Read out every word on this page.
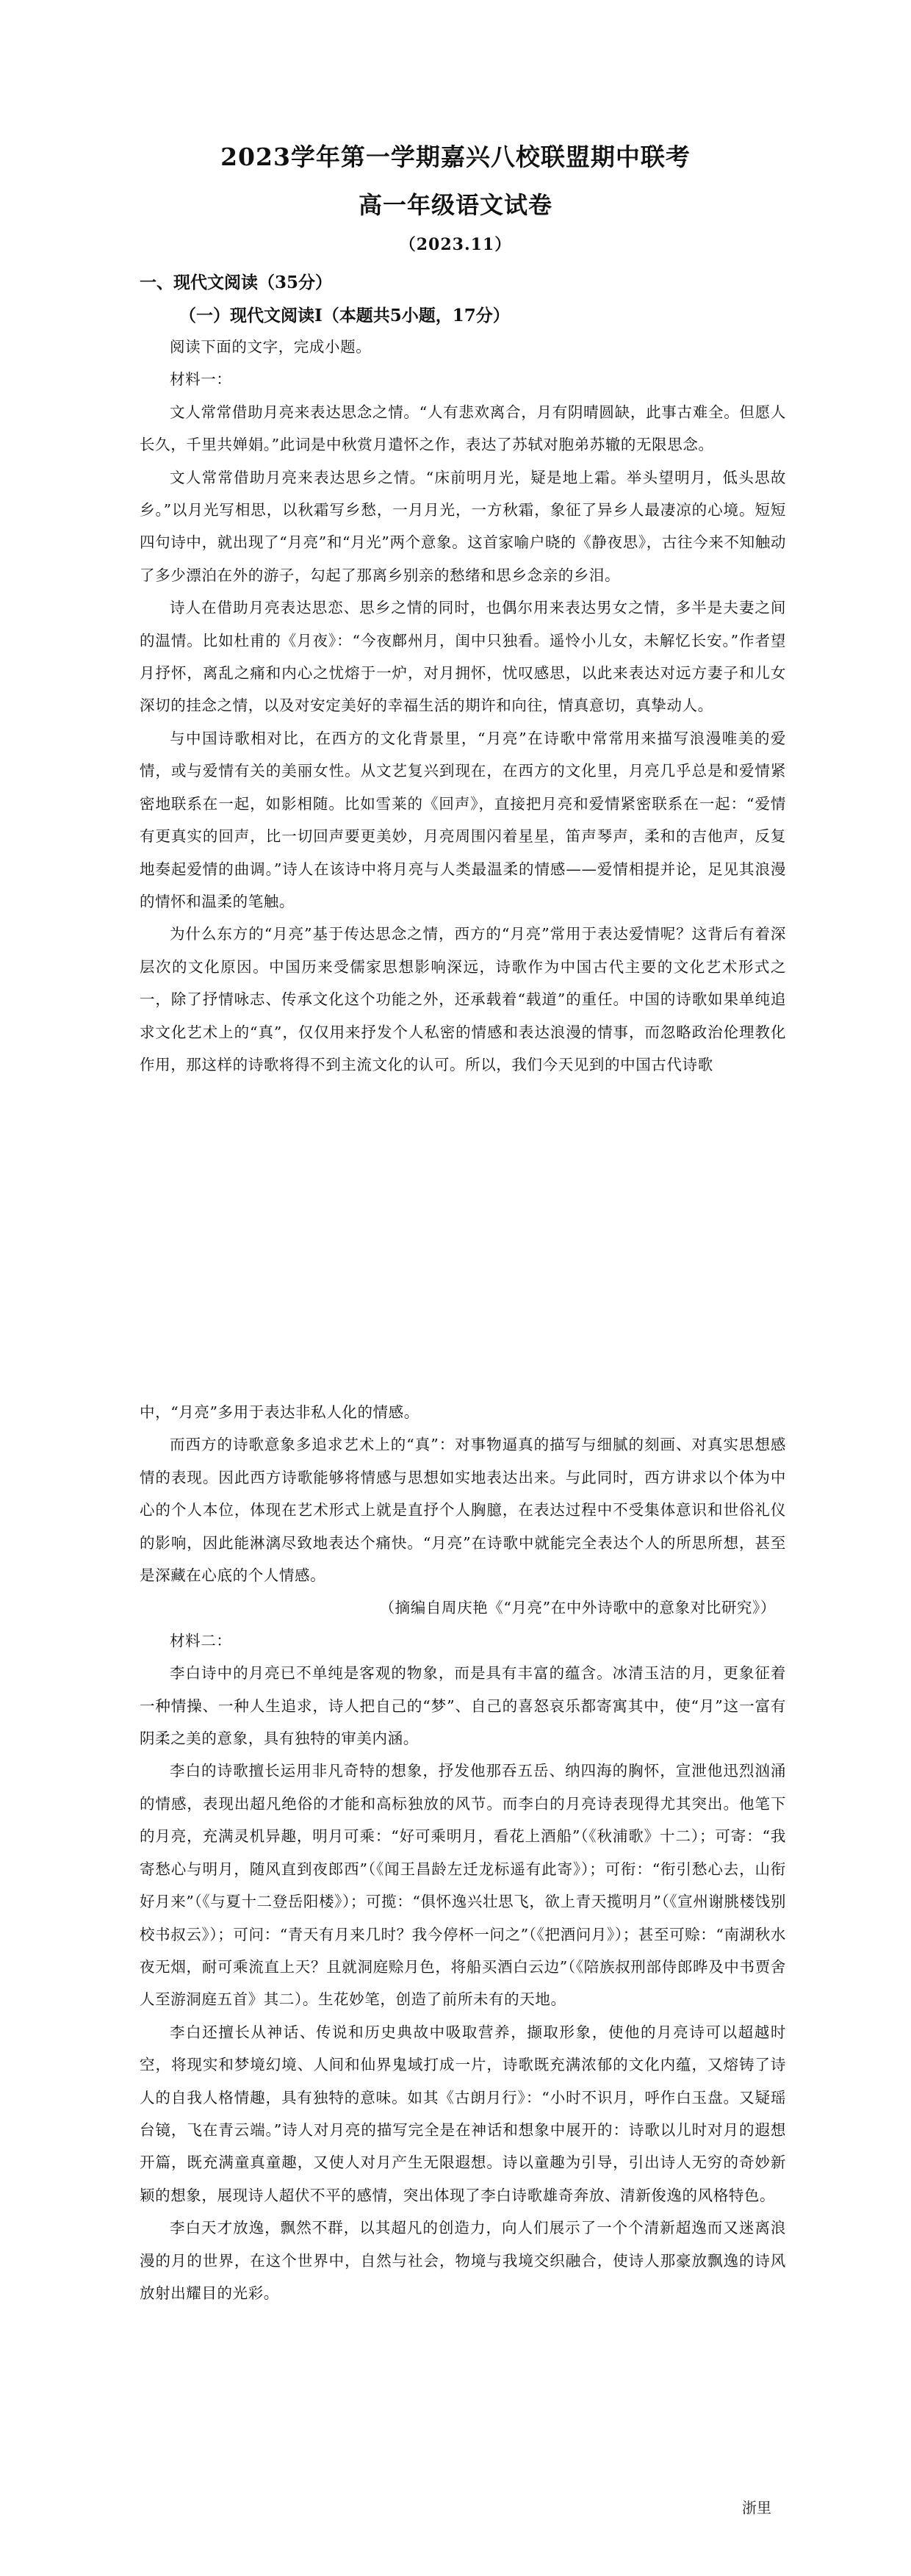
2023学年第一学期嘉兴八校联盟期中联考
高一年级语文试卷
（2023.11）
一、现代文阅读（35分）
（一）现代文阅读Ⅰ（本题共5小题，17分）

阅读下面的文字，完成小题。

材料一：

文人常常借助月亮来表达思念之情。“人有悲欢离合，月有阴晴圆缺，此事古难全。但愿人长久，千里共婵娟。”此词是中秋赏月遣怀之作，表达了苏轼对胞弟苏辙的无限思念。

文人常常借助月亮来表达思乡之情。“床前明月光，疑是地上霜。举头望明月，低头思故乡。”以月光写相思，以秋霜写乡愁，一月月光，一方秋霜，象征了异乡人最凄凉的心境。短短四句诗中，就出现了“月亮”和“月光”两个意象。这首家喻户晓的《静夜思》，古往今来不知触动了多少漂泊在外的游子，勾起了那离乡别亲的愁绪和思乡念亲的乡泪。

诗人在借助月亮表达思恋、思乡之情的同时，也偶尔用来表达男女之情，多半是夫妻之间的温情。比如杜甫的《月夜》：“今夜鄜州月，闺中只独看。遥怜小儿女，未解忆长安。”作者望月抒怀，离乱之痛和内心之忧熔于一炉，对月拥怀，忧叹感思，以此来表达对远方妻子和儿女深切的挂念之情，以及对安定美好的幸福生活的期许和向往，情真意切，真挚动人。

与中国诗歌相对比，在西方的文化背景里，“月亮”在诗歌中常常用来描写浪漫唯美的爱情，或与爱情有关的美丽女性。从文艺复兴到现在，在西方的文化里，月亮几乎总是和爱情紧密地联系在一起，如影相随。比如雪莱的《回声》，直接把月亮和爱情紧密联系在一起：“爱情有更真实的回声，比一切回声要更美妙，月亮周围闪着星星，笛声琴声，柔和的吉他声，反复地奏起爱情的曲调。”诗人在该诗中将月亮与人类最温柔的情感——爱情相提并论，足见其浪漫的情怀和温柔的笔触。

为什么东方的“月亮”基于传达思念之情，西方的“月亮”常用于表达爱情呢？这背后有着深层次的文化原因。中国历来受儒家思想影响深远，诗歌作为中国古代主要的文化艺术形式之一，除了抒情咏志、传承文化这个功能之外，还承载着“载道”的重任。中国的诗歌如果单纯追求文化艺术上的“真”，仅仅用来抒发个人私密的情感和表达浪漫的情事，而忽略政治伦理教化作用，那这样的诗歌将得不到主流文化的认可。所以，我们今天见到的中国古代诗歌

中，“月亮”多用于表达非私人化的情感。

而西方的诗歌意象多追求艺术上的“真”：对事物逼真的描写与细腻的刻画、对真实思想感情的表现。因此西方诗歌能够将情感与思想如实地表达出来。与此同时，西方讲求以个体为中心的个人本位，体现在艺术形式上就是直抒个人胸臆，在表达过程中不受集体意识和世俗礼仪的影响，因此能淋漓尽致地表达个痛快。“月亮”在诗歌中就能完全表达个人的所思所想，甚至是深藏在心底的个人情感。

（摘编自周庆艳《“月亮”在中外诗歌中的意象对比研究》）

材料二：

李白诗中的月亮已不单纯是客观的物象，而是具有丰富的蕴含。冰清玉洁的月，更象征着一种情操、一种人生追求，诗人把自己的“梦”、自己的喜怒哀乐都寄寓其中，使“月”这一富有阴柔之美的意象，具有独特的审美内涵。

李白的诗歌擅长运用非凡奇特的想象，抒发他那吞五岳、纳四海的胸怀，宣泄他迅烈汹涌的情感，表现出超凡绝俗的才能和高标独放的风节。而李白的月亮诗表现得尤其突出。他笔下的月亮，充满灵机异趣，明月可乘：“好可乘明月，看花上酒船”（《秋浦歌》十二）；可寄：“我寄愁心与明月，随风直到夜郎西”（《闻王昌龄左迁龙标遥有此寄》）；可衔：“衔引愁心去，山衔好月来”（《与夏十二登岳阳楼》）；可揽：“俱怀逸兴壮思飞，欲上青天揽明月”（《宣州谢朓楼饯别校书叔云》）；可问：“青天有月来几时？我今停杯一问之”（《把酒问月》）；甚至可赊：“南湖秋水夜无烟，耐可乘流直上天？且就洞庭赊月色，将船买酒白云边”（《陪族叔刑部侍郎晔及中书贾舍人至游洞庭五首》其二）。生花妙笔，创造了前所未有的天地。

李白还擅长从神话、传说和历史典故中吸取营养，撷取形象，使他的月亮诗可以超越时空，将现实和梦境幻境、人间和仙界鬼域打成一片，诗歌既充满浓郁的文化内蕴，又熔铸了诗人的自我人格情趣，具有独特的意味。如其《古朗月行》：“小时不识月，呼作白玉盘。又疑瑶台镜，飞在青云端。”诗人对月亮的描写完全是在神话和想象中展开的：诗歌以儿时对月的遐想开篇，既充满童真童趣，又使人对月产生无限遐想。诗以童趣为引导，引出诗人无穷的奇妙新颖的想象，展现诗人超伏不平的感情，突出体现了李白诗歌雄奇奔放、清新俊逸的风格特色。

李白天才放逸，飘然不群，以其超凡的创造力，向人们展示了一个个清新超逸而又迷离浪漫的月的世界，在这个世界中，自然与社会，物境与我境交织融合，使诗人那豪放飘逸的诗风放射出耀目的光彩。

浙里
